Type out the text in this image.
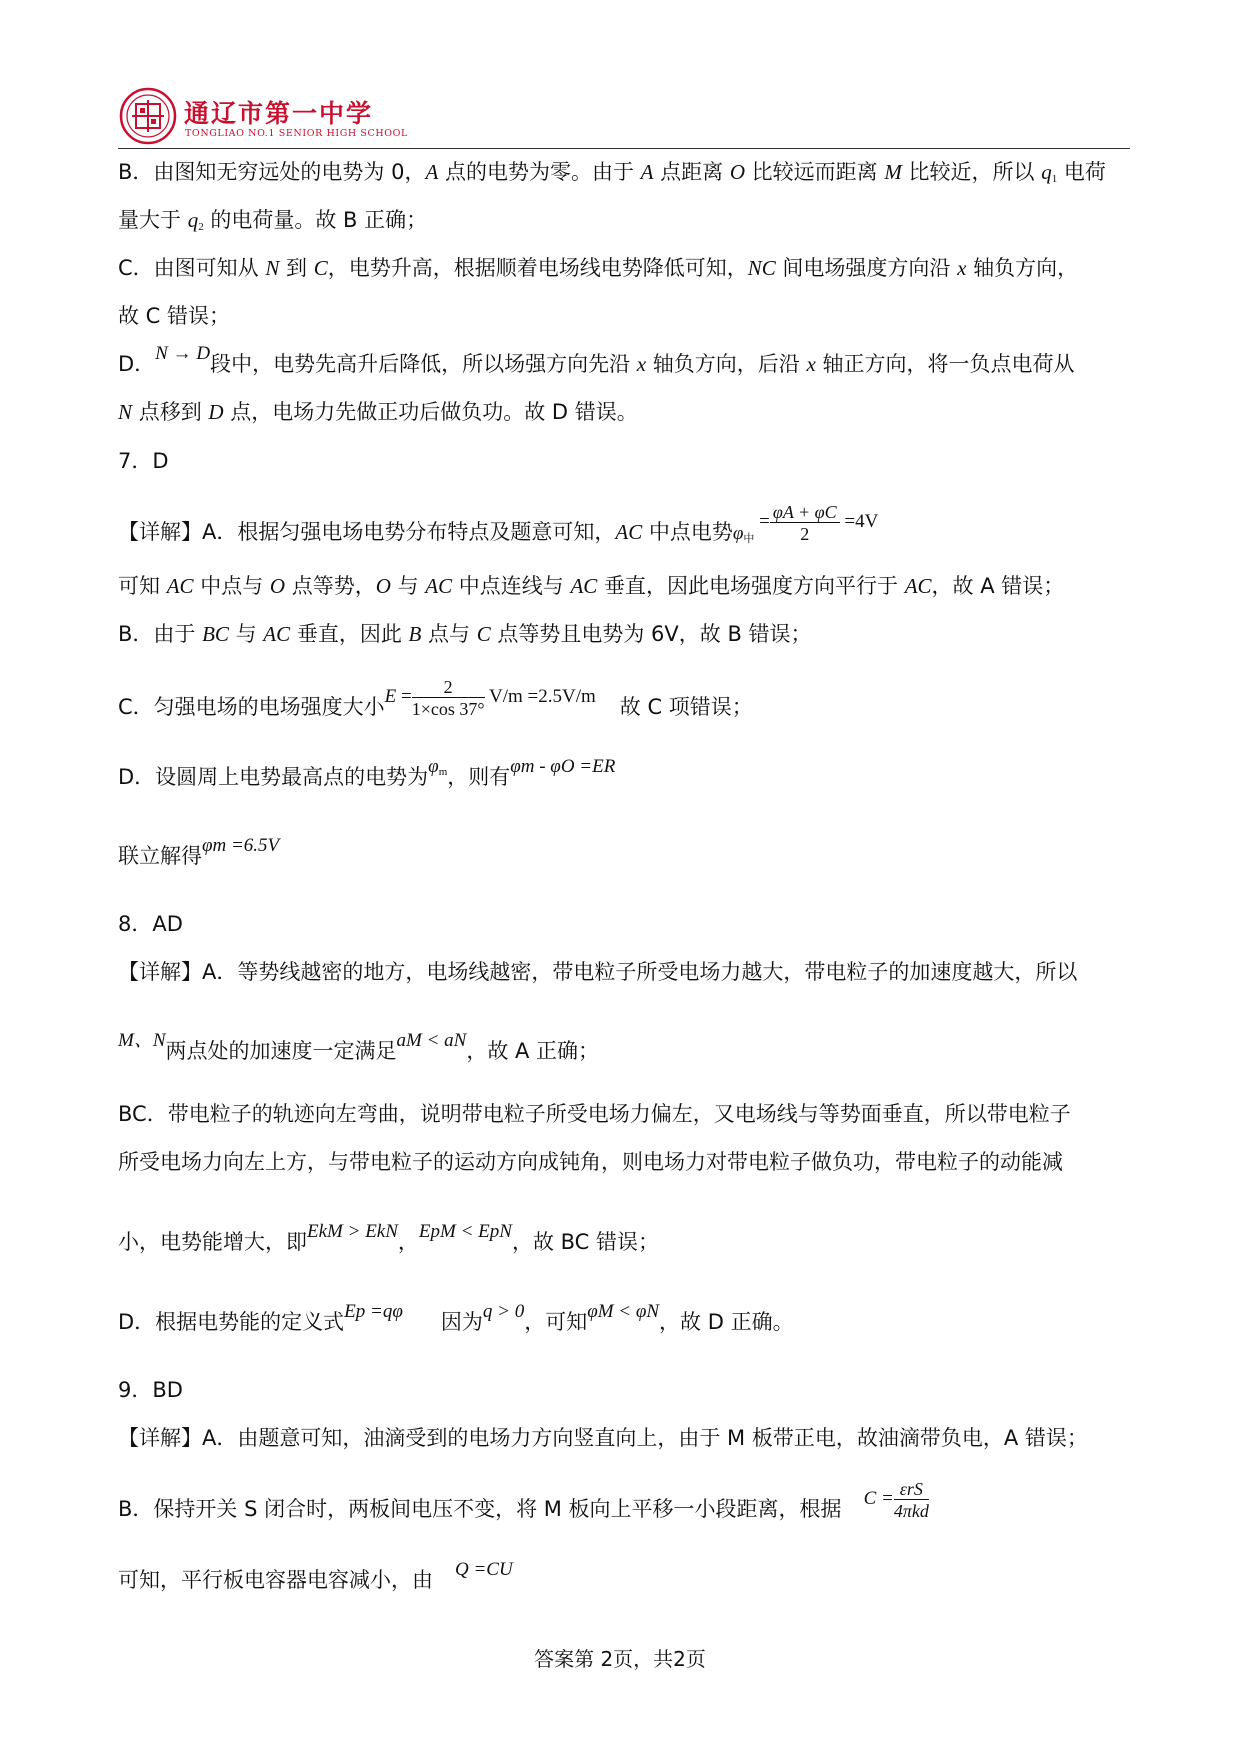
通辽市第一中学
TONGLIAO NO.1 SENIOR HIGH SCHOOL
B．由图知无穷远处的电势为 0，A 点的电势为零。由于 A 点距离 O 比较远而距离 M 比较近，所以 $q_1$ 电荷
量大于 $q_2$ 的电荷量。故 B 正确；
C．由图可知从 N 到 C，电势升高，根据顺着电场线电势降低可知，NC 间电场强度方向沿 x 轴负方向，
故 C 错误；
D．N → D段中，电势先高升后降低，所以场强方向先沿 x 轴负方向，后沿 x 轴正方向，将一负点电荷从
N 点移到 D 点，电场力先做正功后做负功。故 D 错误。
7．D
【详解】A．根据匀强电场电势分布特点及题意可知，AC 中点电势$\varphi_中 = \frac{\varphi A + \varphi C}{2} =4V$
可知 AC 中点与 O 点等势，O 与 AC 中点连线与 AC 垂直，因此电场强度方向平行于 AC，故 A 错误；
B．由于 BC 与 AC 垂直，因此 B 点与 C 点等势且电势为 6V，故 B 错误；
C．匀强电场的电场强度大小$E = \frac{2}{1\times\cos 37^\circ} V/m =2.5V/m$ 故 C 项错误；
D．设圆周上电势最高点的电势为$\varphi_m$，则有φm - φO =ER
联立解得φm =6.5V
8．AD
【详解】A．等势线越密的地方，电场线越密，带电粒子所受电场力越大，带电粒子的加速度越大，所以
M、N两点处的加速度一定满足aM < aN，故 A 正确；
BC．带电粒子的轨迹向左弯曲，说明带电粒子所受电场力偏左，又电场线与等势面垂直，所以带电粒子
所受电场力向左上方，与带电粒子的运动方向成钝角，则电场力对带电粒子做负功，带电粒子的动能减
小，电势能增大，即EkM > EkN，EpM < EpN，故 BC 错误；
D．根据电势能的定义式Ep =qφ 因为q > 0，可知φM < φN，故 D 正确。
9．BD
【详解】A．由题意可知，油滴受到的电场力方向竖直向上，由于 M 板带正电，故油滴带负电，A 错误；
B．保持开关 S 闭合时，两板间电压不变，将 M 板向上平移一小段距离，根据 $C = \frac{\text{εrS}}{\text{4πkd}}$
可知，平行板电容器电容减小，由 Q =CU
答案第 2页，共2页
